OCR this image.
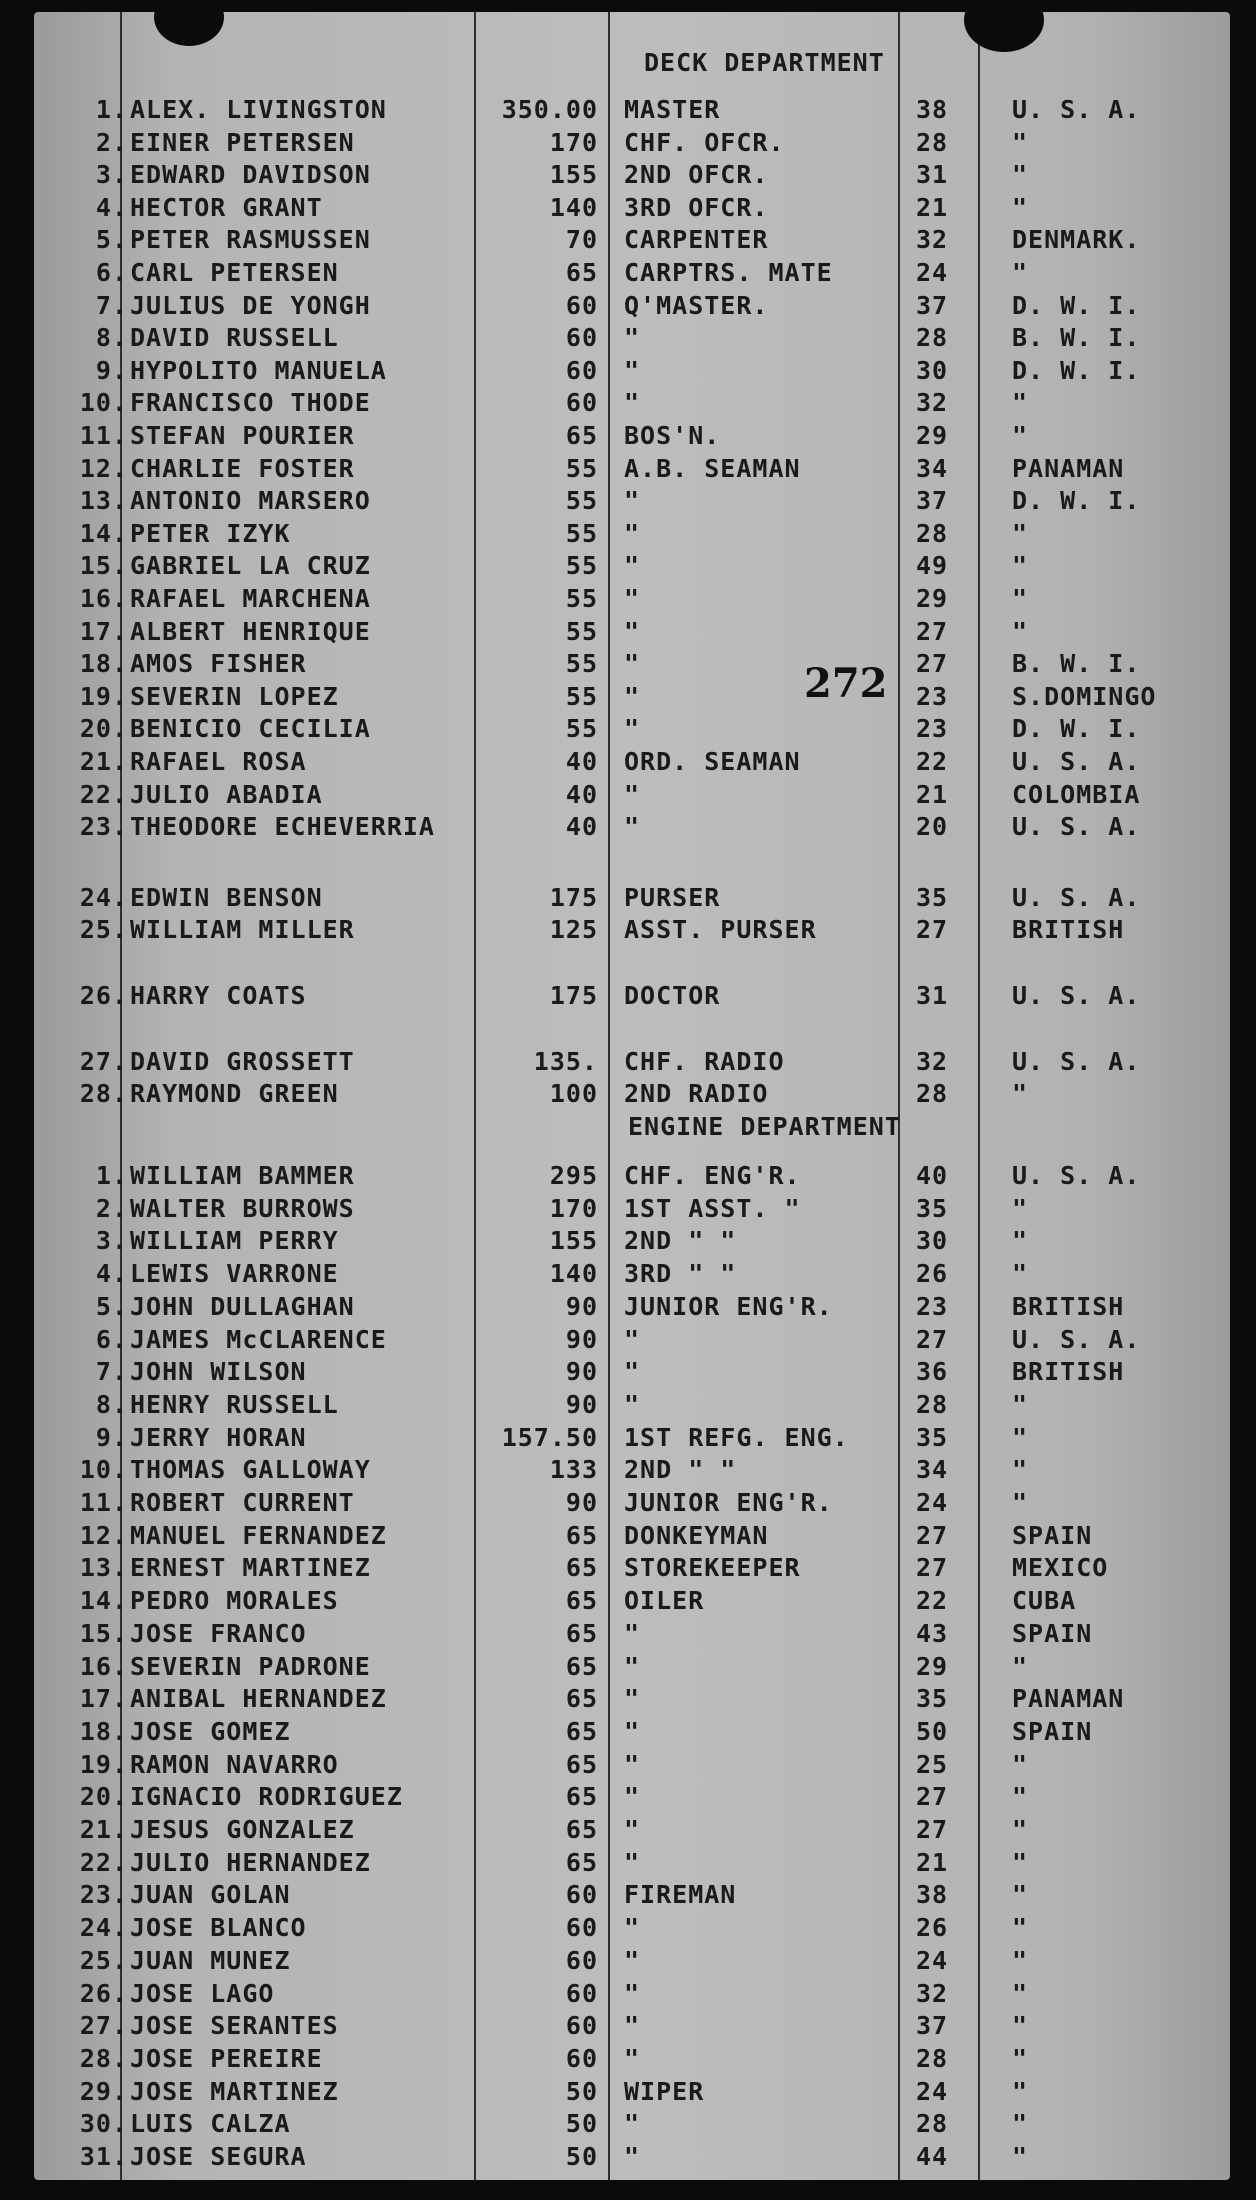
DECK DEPARTMENT
ENGINE DEPARTMENT
272
1. ALEX. LIVINGSTON	350.00 MASTER	38	U. S. A.
2. EINER PETERSEN	170 CHF. OFCR.	28	"
3. EDWARD DAVIDSON	155 2ND OFCR.	31	"
4. HECTOR GRANT	140 3RD OFCR.	21	"
5. PETER RASMUSSEN	70 CARPENTER	32	DENMARK.
6. CARL PETERSEN	65 CARPTRS. MATE	24	"
7. JULIUS DE YONGH	60 Q'MASTER.	37	D. W. I.
8. DAVID RUSSELL	60 "	28	B. W. I.
9. HYPOLITO MANUELA	60 "	30	D. W. I.
10. FRANCISCO THODE	60 "	32	"
11. STEFAN POURIER	65 BOS'N.	29	"
12. CHARLIE FOSTER	55 A.B. SEAMAN	34	PANAMAN
13. ANTONIO MARSERO	55 "	37	D. W. I.
14. PETER IZYK	55 "	28	"
15. GABRIEL LA CRUZ	55 "	49	"
16. RAFAEL MARCHENA	55 "	29	"
17. ALBERT HENRIQUE	55 "	27	"
18. AMOS FISHER	55 "	27	B. W. I.
19. SEVERIN LOPEZ	55 "	23	S.DOMINGO
20. BENICIO CECILIA	55 "	23	D. W. I.
21. RAFAEL ROSA	40 ORD. SEAMAN	22	U. S. A.
22. JULIO ABADIA	40 "	21	COLOMBIA
23. THEODORE ECHEVERRIA	40 "	20	U. S. A.
24. EDWIN BENSON	175 PURSER	35	U. S. A.
25. WILLIAM MILLER	125 ASST. PURSER	27	BRITISH
26. HARRY COATS	175 DOCTOR	31	U. S. A.
27. DAVID GROSSETT	135. CHF. RADIO	32	U. S. A.
28. RAYMOND GREEN	100 2ND RADIO	28	"
1. WILLIAM BAMMER	295 CHF. ENG'R.	40	U. S. A.
2. WALTER BURROWS	170 1ST ASST. "	35	"
3. WILLIAM PERRY	155 2ND " "	30	"
4. LEWIS VARRONE	140 3RD " "	26	"
5. JOHN DULLAGHAN	90 JUNIOR ENG'R.	23	BRITISH
6. JAMES McCLARENCE	90 "	27	U. S. A.
7. JOHN WILSON	90 "	36	BRITISH
8. HENRY RUSSELL	90 "	28	"
9. JERRY HORAN	157.50 1ST REFG. ENG.	35	"
10. THOMAS GALLOWAY	133 2ND " "	34	"
11. ROBERT CURRENT	90 JUNIOR ENG'R.	24	"
12. MANUEL FERNANDEZ	65 DONKEYMAN	27	SPAIN
13. ERNEST MARTINEZ	65 STOREKEEPER	27	MEXICO
14. PEDRO MORALES	65 OILER	22	CUBA
15. JOSE FRANCO	65 "	43	SPAIN
16. SEVERIN PADRONE	65 "	29	"
17. ANIBAL HERNANDEZ	65 "	35	PANAMAN
18. JOSE GOMEZ	65 "	50	SPAIN
19. RAMON NAVARRO	65 "	25	"
20. IGNACIO RODRIGUEZ	65 "	27	"
21. JESUS GONZALEZ	65 "	27	"
22. JULIO HERNANDEZ	65 "	21	"
23. JUAN GOLAN	60 FIREMAN	38	"
24. JOSE BLANCO	60 "	26	"
25. JUAN MUNEZ	60 "	24	"
26. JOSE LAGO	60 "	32	"
27. JOSE SERANTES	60 "	37	"
28. JOSE PEREIRE	60 "	28	"
29. JOSE MARTINEZ	50 WIPER	24	"
30. LUIS CALZA	50 "	28	"
31. JOSE SEGURA	50 "	44	"
